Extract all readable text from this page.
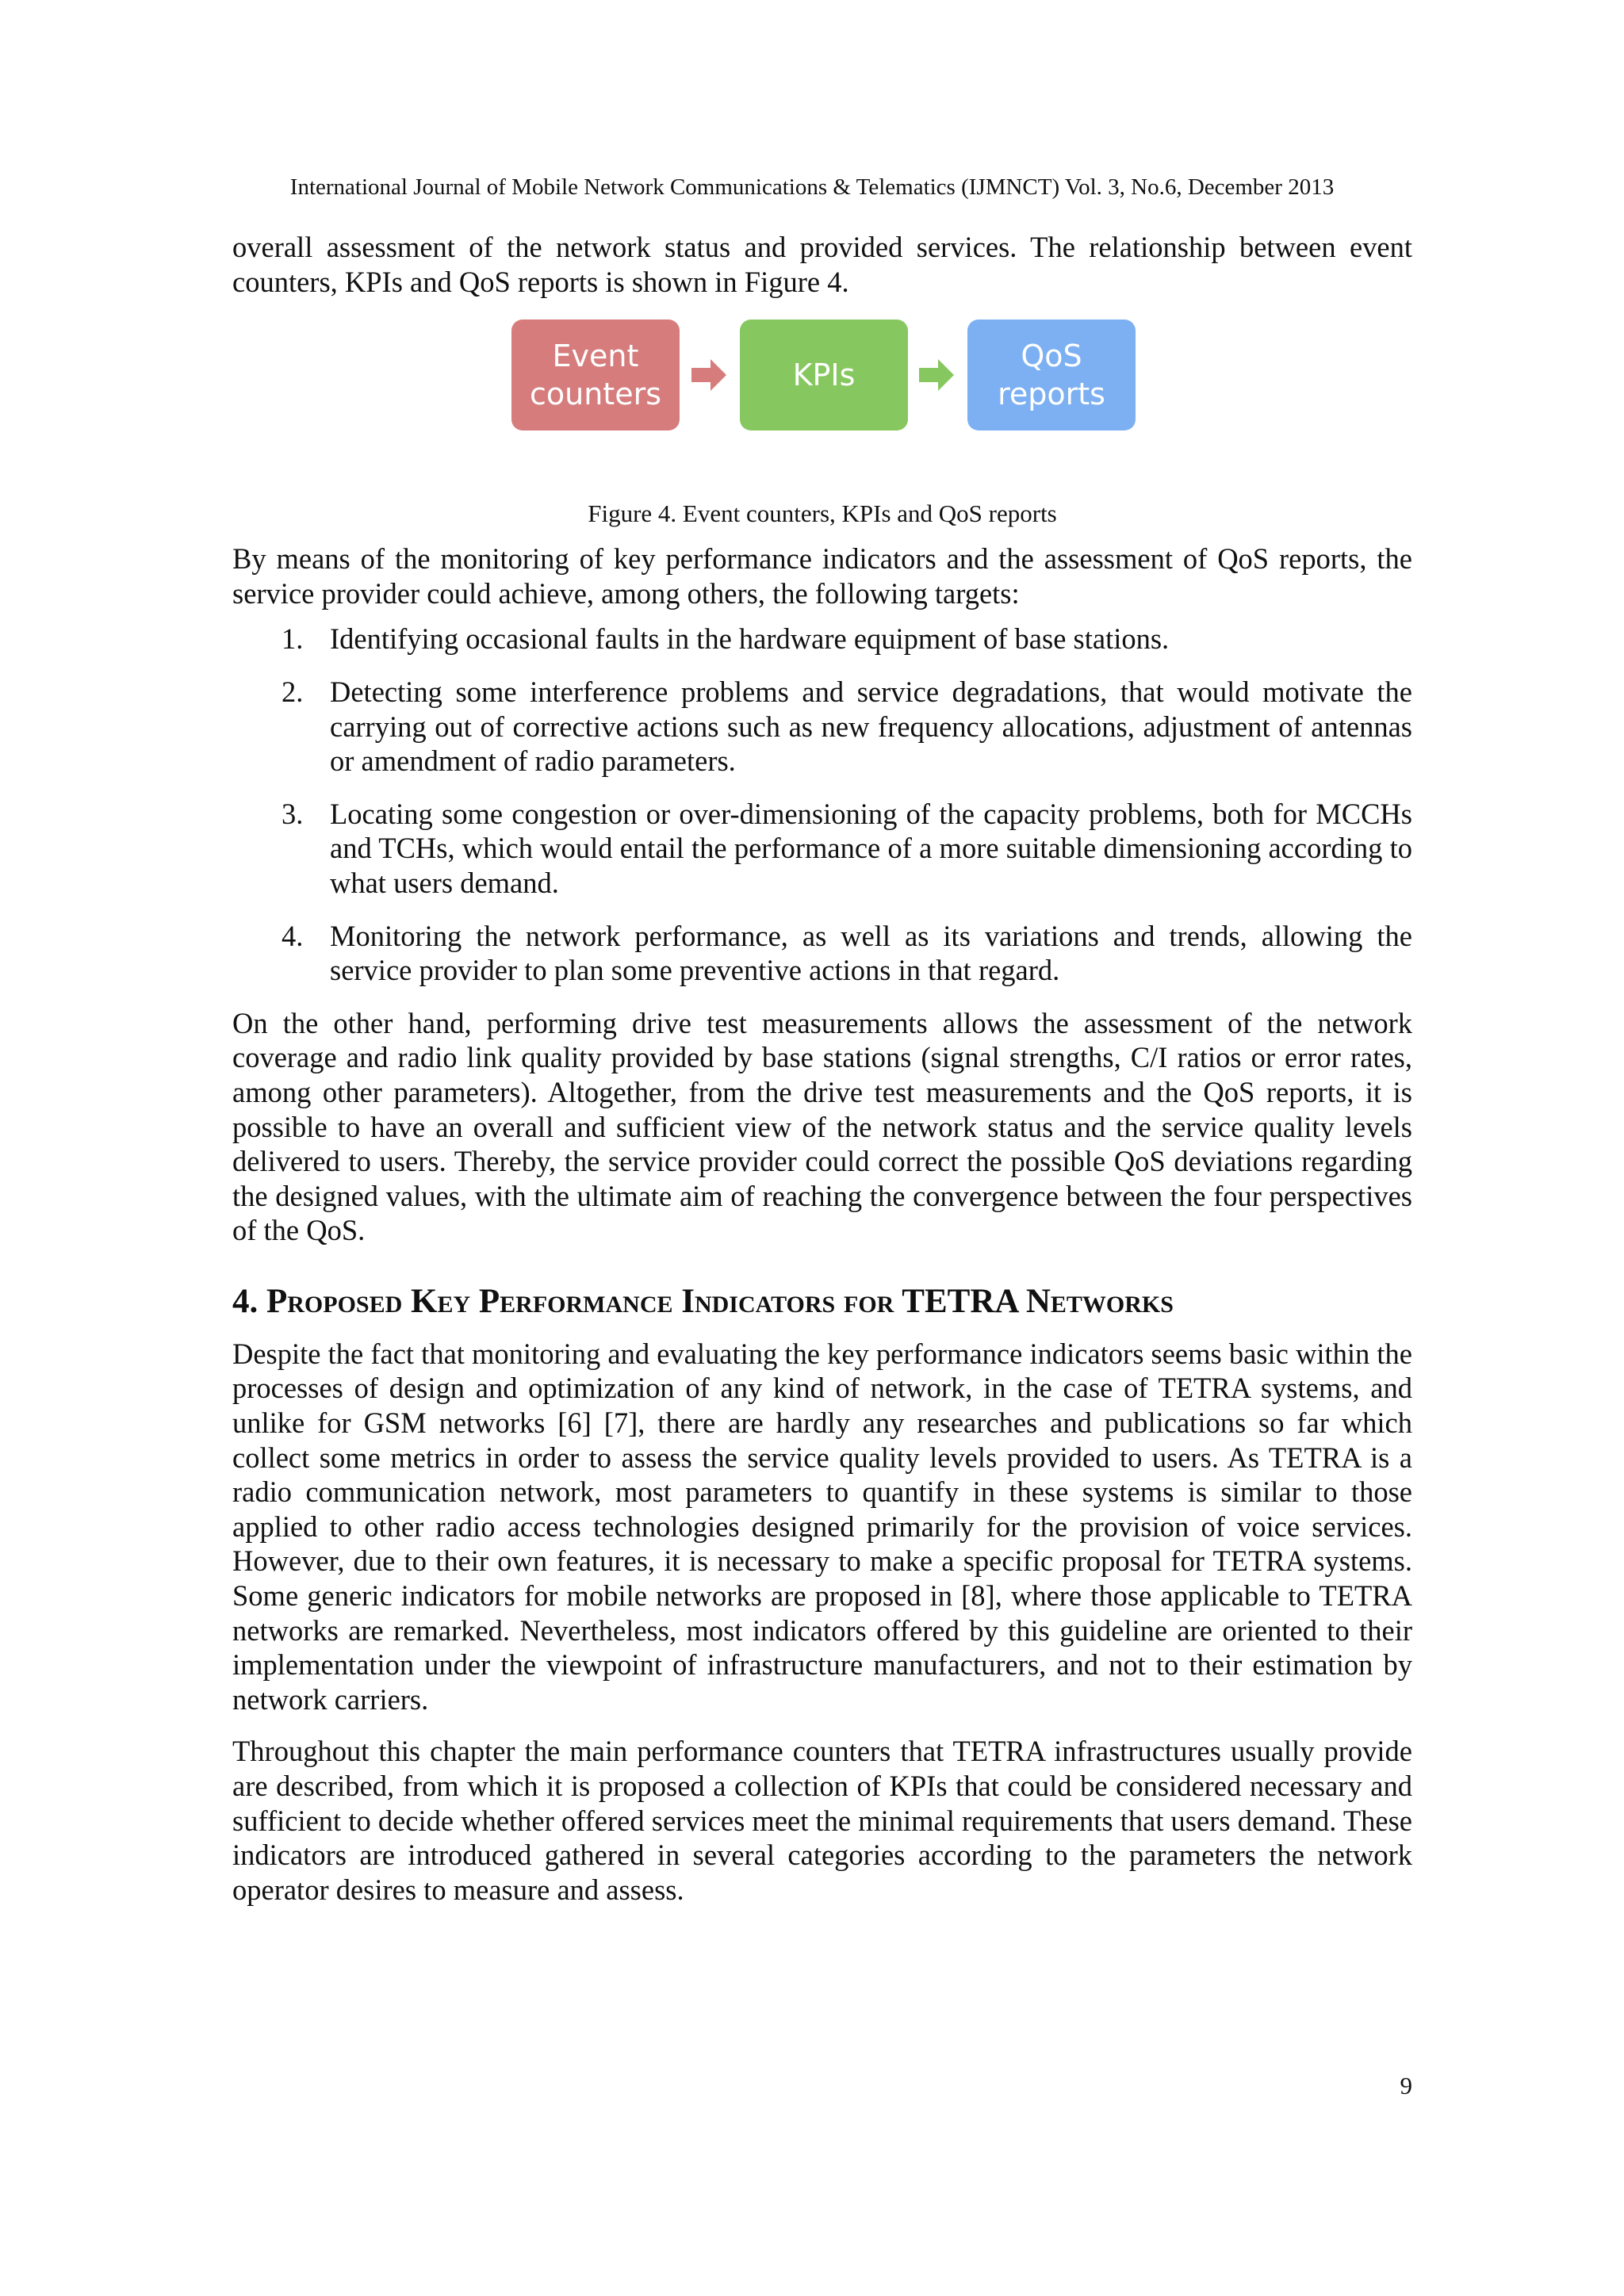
International Journal of Mobile Network Communications & Telematics (IJMNCT) Vol. 3, No.6, December 2013

overall assessment of the network status and provided services. The relationship between event counters, KPIs and QoS reports is shown in Figure 4.

Event
counters
KPIs
QoS
reports
Figure 4. Event counters, KPIs and QoS reports

By means of the monitoring of key performance indicators and the assessment of QoS reports, the service provider could achieve, among others, the following targets:

1. Identifying occasional faults in the hardware equipment of base stations.
2. Detecting some interference problems and service degradations, that would motivate the carrying out of corrective actions such as new frequency allocations, adjustment of antennas or amendment of radio parameters.
3. Locating some congestion or over-dimensioning of the capacity problems, both for MCCHs and TCHs, which would entail the performance of a more suitable dimensioning according to what users demand.
4. Monitoring the network performance, as well as its variations and trends, allowing the service provider to plan some preventive actions in that regard.

On the other hand, performing drive test measurements allows the assessment of the network coverage and radio link quality provided by base stations (signal strengths, C/I ratios or error rates, among other parameters). Altogether, from the drive test measurements and the QoS reports, it is possible to have an overall and sufficient view of the network status and the service quality levels delivered to users. Thereby, the service provider could correct the possible QoS deviations regarding the designed values, with the ultimate aim of reaching the convergence between the four perspectives of the QoS.

4. Proposed Key Performance Indicators for TETRA Networks

Despite the fact that monitoring and evaluating the key performance indicators seems basic within the processes of design and optimization of any kind of network, in the case of TETRA systems, and unlike for GSM networks [6] [7], there are hardly any researches and publications so far which collect some metrics in order to assess the service quality levels provided to users. As TETRA is a radio communication network, most parameters to quantify in these systems is similar to those applied to other radio access technologies designed primarily for the provision of voice services. However, due to their own features, it is necessary to make a specific proposal for TETRA systems. Some generic indicators for mobile networks are proposed in [8], where those applicable to TETRA networks are remarked. Nevertheless, most indicators offered by this guideline are oriented to their implementation under the viewpoint of infrastructure manufacturers, and not to their estimation by network carriers.

Throughout this chapter the main performance counters that TETRA infrastructures usually provide are described, from which it is proposed a collection of KPIs that could be considered necessary and sufficient to decide whether offered services meet the minimal requirements that users demand. These indicators are introduced gathered in several categories according to the parameters the network operator desires to measure and assess.

9
